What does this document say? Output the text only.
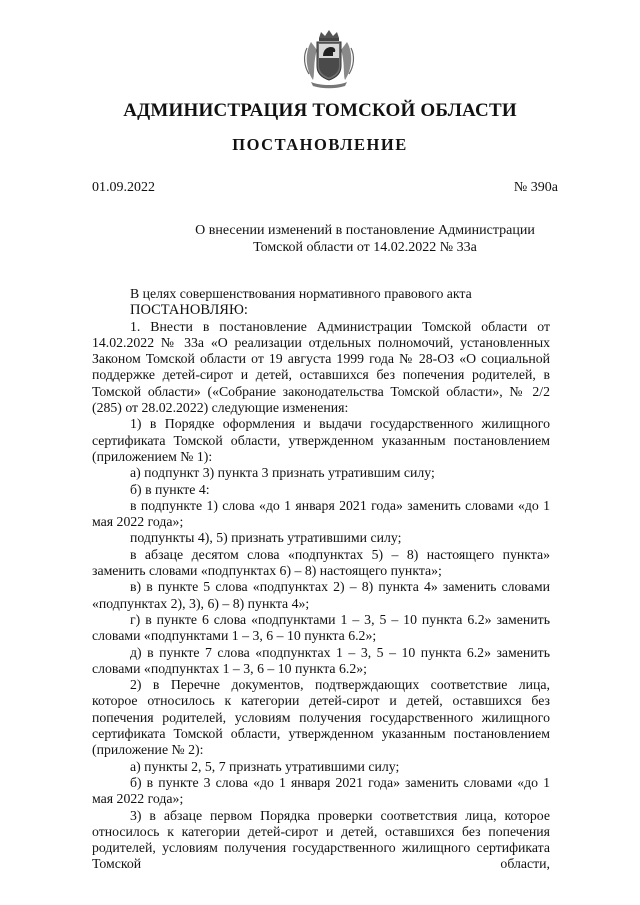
АДМИНИСТРАЦИЯ ТОМСКОЙ ОБЛАСТИ
ПОСТАНОВЛЕНИЕ
01.09.2022	№ 390а
О внесении изменений в постановление Администрации
Томской области от 14.02.2022 № 33а

В целях совершенствования нормативного правового акта

ПОСТАНОВЛЯЮ:

1. Внести в постановление Администрации Томской области от 14.02.2022 № 33а «О реализации отдельных полномочий, установленных Законом Томской области от 19 августа 1999 года № 28-ОЗ «О социальной поддержке детей-сирот и детей, оставшихся без попечения родителей, в Томской области» («Собрание законодательства Томской области», № 2/2 (285) от 28.02.2022) следующие изменения:

1) в Порядке оформления и выдачи государственного жилищного сертификата Томской области, утвержденном указанным постановлением (приложением № 1):

а) подпункт 3) пункта 3 признать утратившим силу;

б) в пункте 4:

в подпункте 1) слова «до 1 января 2021 года» заменить словами «до 1 мая 2022 года»;

подпункты 4), 5) признать утратившими силу;

в абзаце десятом слова «подпунктах 5) – 8) настоящего пункта» заменить словами «подпунктах 6) – 8) настоящего пункта»;

в) в пункте 5 слова «подпунктах 2) – 8) пункта 4» заменить словами «подпунктах 2), 3), 6) – 8) пункта 4»;

г) в пункте 6 слова «подпунктами 1 – 3, 5 – 10 пункта 6.2» заменить словами «подпунктами 1 – 3, 6 – 10 пункта 6.2»;

д) в пункте 7 слова «подпунктах 1 – 3, 5 – 10 пункта 6.2» заменить словами «подпунктах 1 – 3, 6 – 10 пункта 6.2»;

2) в Перечне документов, подтверждающих соответствие лица, которое относилось к категории детей-сирот и детей, оставшихся без попечения родителей, условиям получения государственного жилищного сертификата Томской области, утвержденном указанным постановлением (приложение № 2):

а) пункты 2, 5, 7 признать утратившими силу;

б) в пункте 3 слова «до 1 января 2021 года» заменить словами «до 1 мая 2022 года»;

3) в абзаце первом Порядка проверки соответствия лица, которое относилось к категории детей-сирот и детей, оставшихся без попечения родителей, условиям получения государственного жилищного сертификата Томской области,
